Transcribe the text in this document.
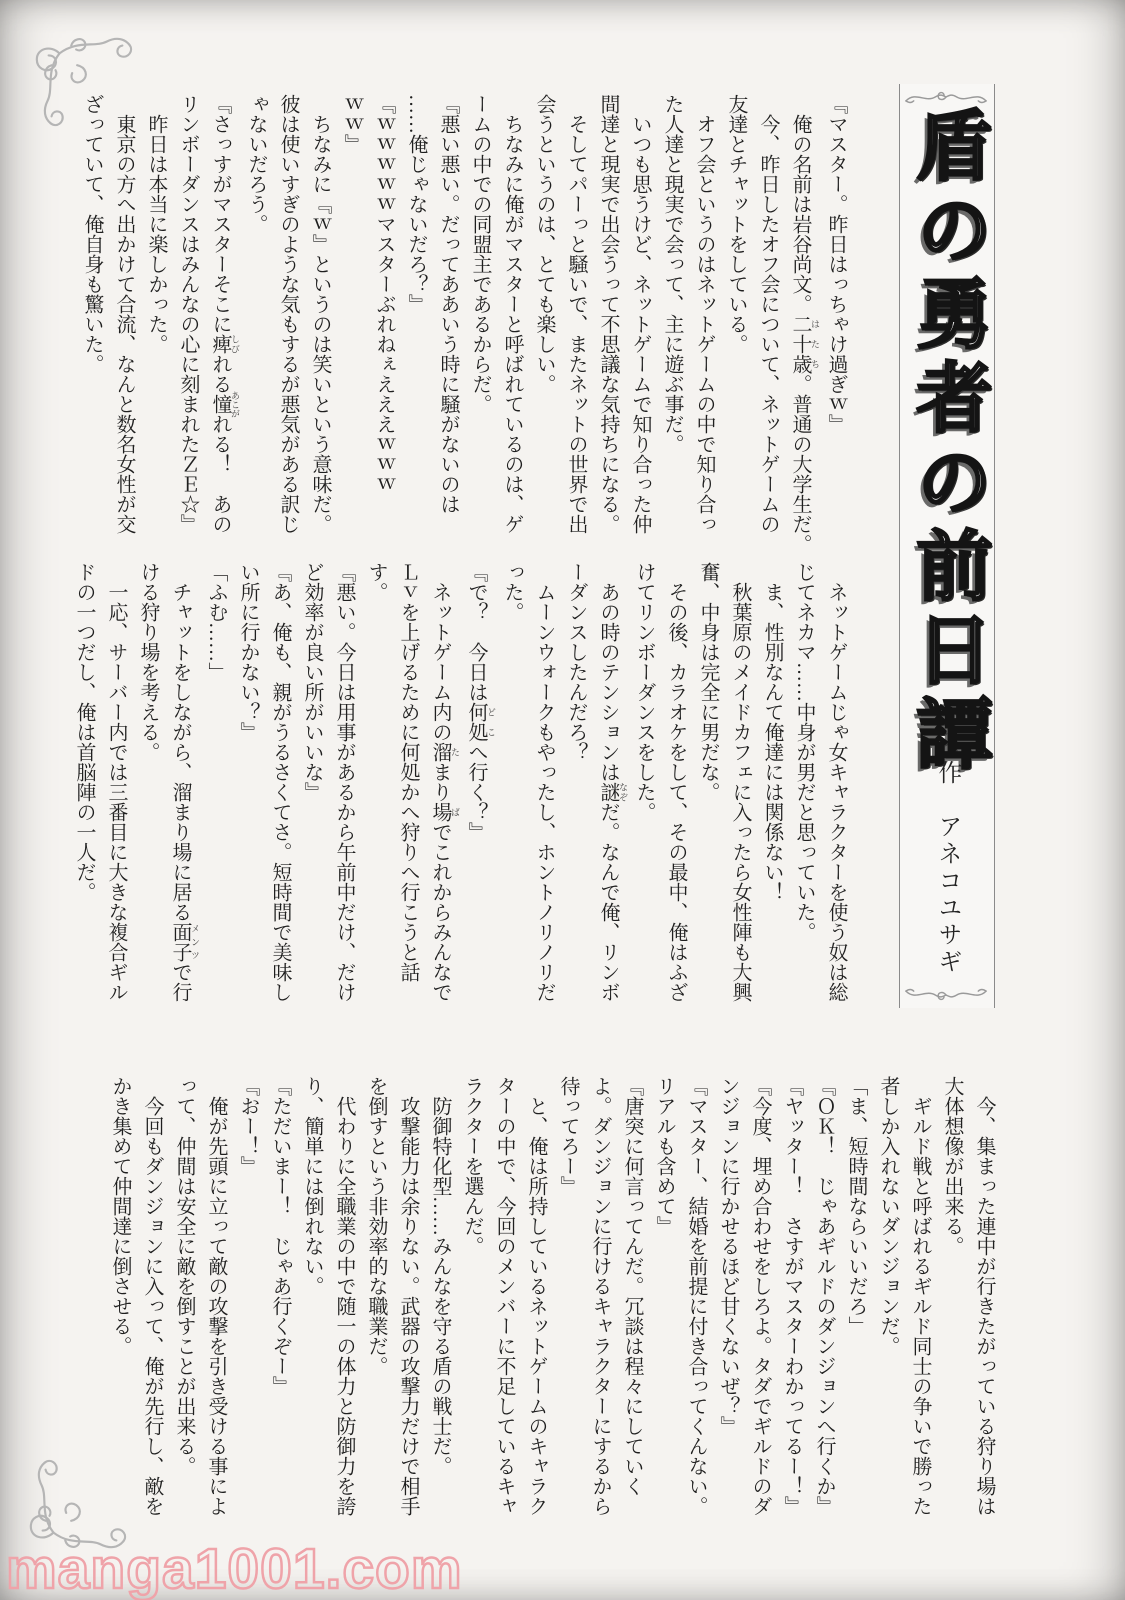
盾の勇者の前日譚
作　アネコユサギ
『マスター。昨日はっちゃけ過ぎｗ』
　俺の名前は岩谷尚文。二十歳 はたち。普通の大学生だ。
　今、昨日したオフ会について、ネットゲームの
友達とチャットをしている。
　オフ会というのはネットゲームの中で知り合っ
た人達と現実で会って、主に遊ぶ事だ。
　いつも思うけど、ネットゲームで知り合った仲
間達と現実で出会うって不思議な気持ちになる。
　そしてパーっと騒いで、またネットの世界で出
会うというのは、とても楽しい。
　ちなみに俺がマスターと呼ばれているのは、ゲ
ームの中での同盟主であるからだ。
『悪い悪い。だってああいう時に騒がないのは
……俺じゃないだろ？』
『ｗｗｗｗｗマスターぶれねぇえええｗｗｗ
ｗｗ』
　ちなみに『ｗ』というのは笑いという意味だ。
彼は使いすぎのような気もするが悪気がある訳じ
ゃないだろう。
『さっすがマスターそこに痺 しびれる憧 あこがれる！　あの
リンボーダンスはみんなの心に刻まれたＺＥ☆』
　昨日は本当に楽しかった。
　東京の方へ出かけて合流、なんと数名女性が交
ざっていて、俺自身も驚いた。
　ネットゲームじゃ女キャラクターを使う奴は総
じてネカマ……中身が男だと思っていた。
　ま、性別なんて俺達には関係ない！
　秋葉原のメイドカフェに入ったら女性陣も大興
奮、中身は完全に男だな。
　その後、カラオケをして、その最中、俺はふざ
けてリンボーダンスをした。
　あの時のテンションは謎 なぞだ。なんで俺、リンボ
ーダンスしたんだろ？
　ムーンウォークもやったし、ホントノリノリだ
った。
『で？　今日は何処 どこへ行く？』
　ネットゲーム内の溜 たまり場 ばでこれからみんなで
Ｌｖを上げるために何処かへ狩りへ行こうと話
す。
『悪い。今日は用事があるから午前中だけ、だけ
ど効率が良い所がいいな』
『あ、俺も、親がうるさくてさ。短時間で美味し
い所に行かない？』
「ふむ……」
　チャットをしながら、溜まり場に居る面子 メンツで行
ける狩り場を考える。
　一応、サーバー内では三番目に大きな複合ギル
ドの一つだし、俺は首脳陣の一人だ。
　今、集まった連中が行きたがっている狩り場は
大体想像が出来る。
　ギルド戦と呼ばれるギルド同士の争いで勝った
者しか入れないダンジョンだ。
「ま、短時間ならいいだろ」
『ＯＫ！　じゃあギルドのダンジョンへ行くか』
『ヤッター！　さすがマスターわかってるー！』
『今度、埋め合わせをしろよ。タダでギルドのダ
ンジョンに行かせるほど甘くないぜ？』
『マスター、結婚を前提に付き合ってくんない。
リアルも含めて』
『唐突に何言ってんだ。冗談は程々にしていく
よ。ダンジョンに行けるキャラクターにするから
待ってろー』
　と、俺は所持しているネットゲームのキャラク
ターの中で、今回のメンバーに不足しているキャ
ラクターを選んだ。
　防御特化型……みんなを守る盾の戦士だ。
　攻撃能力は余りない。武器の攻撃力だけで相手
を倒すという非効率的な職業だ。
　代わりに全職業の中で随一の体力と防御力を誇
り、簡単には倒れない。
『ただいまー！　じゃあ行くぞー』
『おー！』
　俺が先頭に立って敵の攻撃を引き受ける事によ
って、仲間は安全に敵を倒すことが出来る。
　今回もダンジョンに入って、俺が先行し、敵を
かき集めて仲間達に倒させる。
manga1001.com
